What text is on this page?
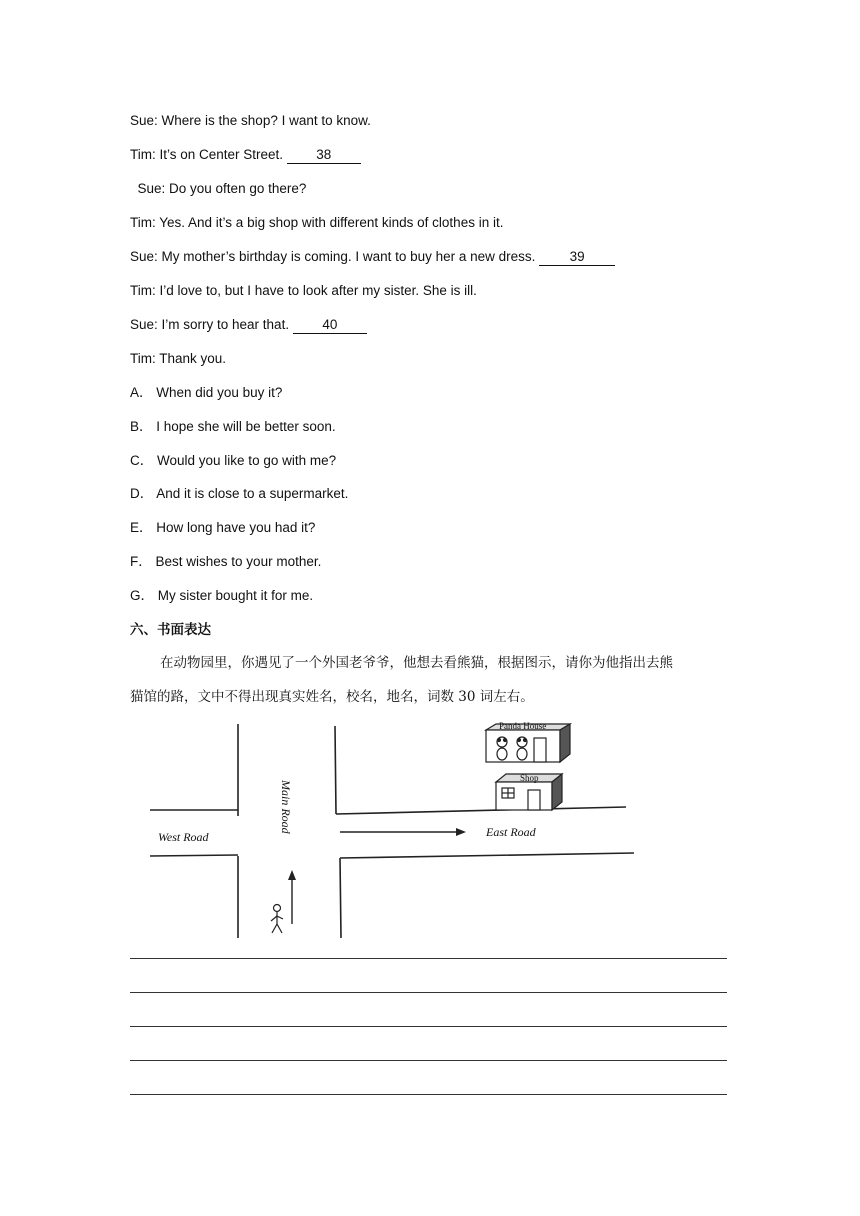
Sue: Where is the shop? I want to know.
Tim: It’s on Center Street. 38
Sue: Do you often go there?
Tim: Yes. And it’s a big shop with different kinds of clothes in it.
Sue: My mother’s birthday is coming. I want to buy her a new dress. 39
Tim: I’d love to, but I have to look after my sister. She is ill.
Sue: I’m sorry to hear that. 40
Tim: Thank you.
A． When did you buy it?
B． I hope she will be better soon.
C． Would you like to go with me?
D． And it is close to a supermarket.
E． How long have you had it?
F． Best wishes to your mother.
G． My sister bought it for me.
六、书面表达
在动物园里，你遇见了一个外国老爷爷，他想去看熊猫，根据图示，请你为他指出去熊
猫馆的路，文中不得出现真实姓名，校名，地名，词数 30 词左右。
Panda House
Shop
West Road	East Road
Main Road
